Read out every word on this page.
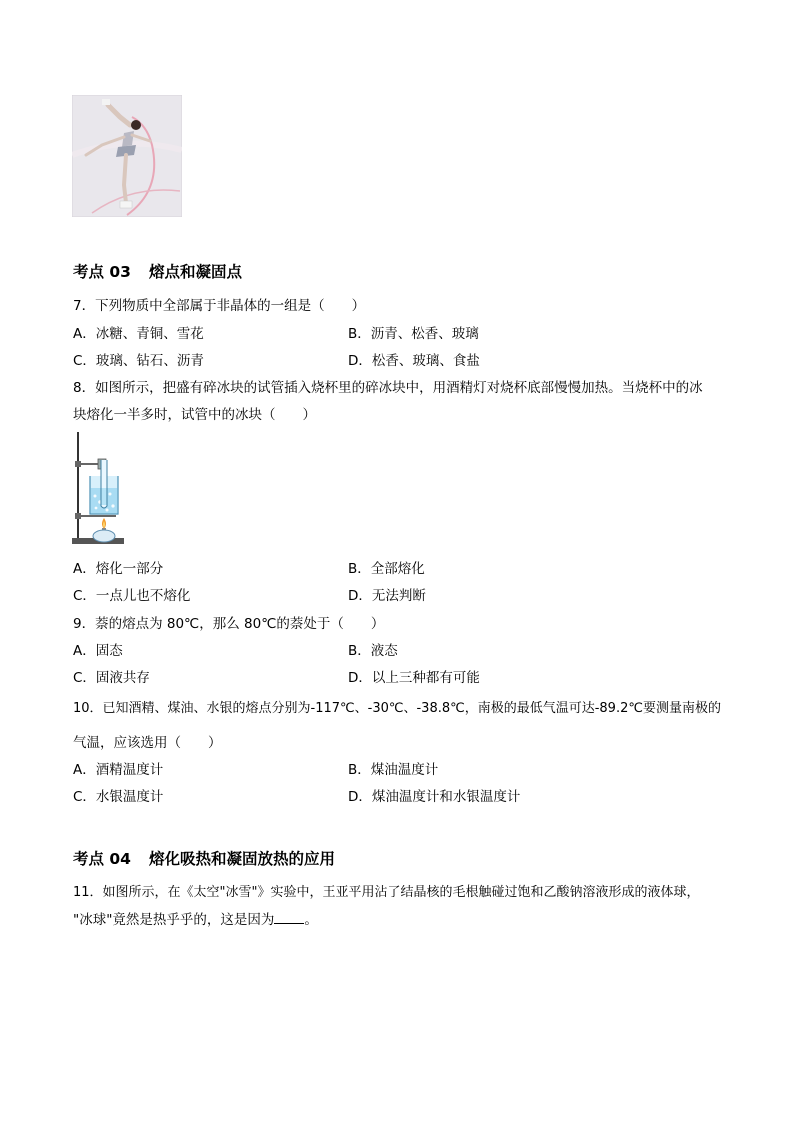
考点 03 熔点和凝固点
7．下列物质中全部属于非晶体的一组是（　　）
A．冰糖、青铜、雪花	B．沥青、松香、玻璃
C．玻璃、钻石、沥青	D．松香、玻璃、食盐
8．如图所示，把盛有碎冰块的试管插入烧杯里的碎冰块中，用酒精灯对烧杯底部慢慢加热。当烧杯中的冰
块熔化一半多时，试管中的冰块（　　）
A．熔化一部分	B．全部熔化
C．一点儿也不熔化	D．无法判断
9．萘的熔点为 80℃，那么 80℃的萘处于（　　）
A．固态	B．液态
C．固液共存	D．以上三种都有可能
10．已知酒精、煤油、水银的熔点分别为-117℃、-30℃、-38.8℃，南极的最低气温可达-89.2℃要测量南极的
气温，应该选用（　　）
A．酒精温度计	B．煤油温度计
C．水银温度计	D．煤油温度计和水银温度计
考点 04 熔化吸热和凝固放热的应用
11．如图所示，在《太空"冰雪"》实验中，王亚平用沾了结晶核的毛根触碰过饱和乙酸钠溶液形成的液体球，
"冰球"竟然是热乎乎的，这是因为 。
